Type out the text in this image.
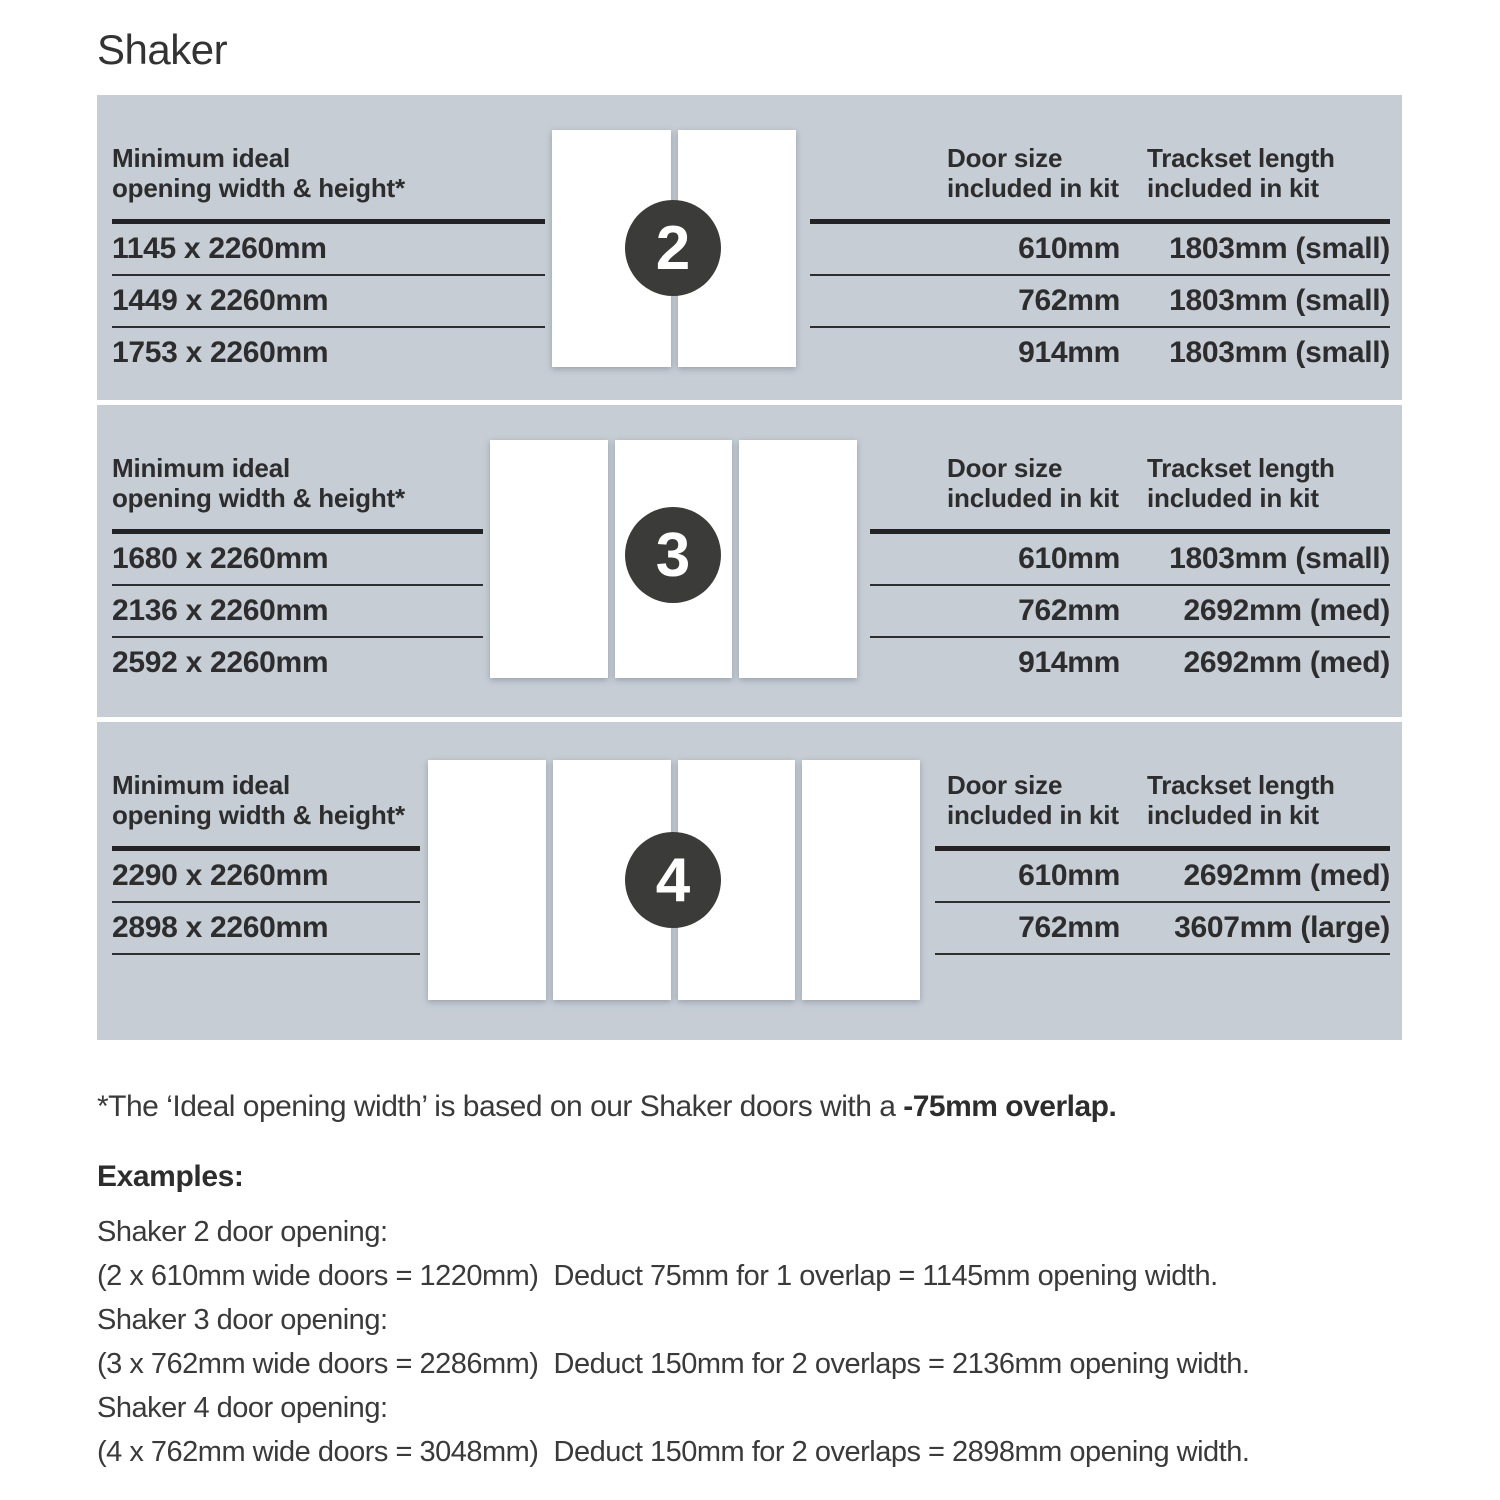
Shaker
Minimum ideal
opening width & height*
1145 x 2260mm
1449 x 2260mm
1753 x 2260mm
2
Door size
included in kit
Trackset length
included in kit
610mm 1803mm (small)
762mm 1803mm (small)
914mm 1803mm (small)
Minimum ideal
opening width & height*
1680 x 2260mm
2136 x 2260mm
2592 x 2260mm
3
Door size
included in kit
Trackset length
included in kit
610mm 1803mm (small)
762mm 2692mm (med)
914mm 2692mm (med)
Minimum ideal
opening width & height*
2290 x 2260mm
2898 x 2260mm
4
Door size
included in kit
Trackset length
included in kit
610mm 2692mm (med)
762mm 3607mm (large)

*The ‘Ideal opening width’ is based on our Shaker doors with a -75mm overlap.

Examples:
Shaker 2 door opening:
(2 x 610mm wide doors = 1220mm)  Deduct 75mm for 1 overlap = 1145mm opening width.
Shaker 3 door opening:
(3 x 762mm wide doors = 2286mm)  Deduct 150mm for 2 overlaps = 2136mm opening width.
Shaker 4 door opening:
(4 x 762mm wide doors = 3048mm)  Deduct 150mm for 2 overlaps = 2898mm opening width.
